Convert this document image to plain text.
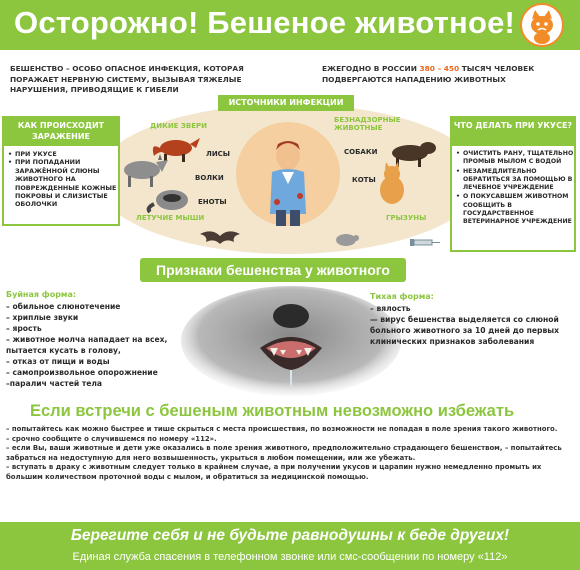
Осторожно! Бешеное животное!
БЕШЕНСТВО – ОСОБО ОПАСНОЕ ИНФЕКЦИЯ, КОТОРАЯ ПОРАЖАЕТ НЕРВНУЮ СИСТЕМУ, ВЫЗЫВАЯ ТЯЖЕЛЫЕ НАРУШЕНИЯ, ПРИВОДЯЩИЕ К ГИБЕЛИ
ЕЖЕГОДНО В РОССИИ 380 – 450 ТЫСЯЧ ЧЕЛОВЕК ПОДВЕРГАЮТСЯ НАПАДЕНИЮ ЖИВОТНЫХ
ИСТОЧНИКИ ИНФЕКЦИИ
ДИКИЕ ЗВЕРИ
БЕЗНАДЗОРНЫЕ ЖИВОТНЫЕ
ЛИСЫ
ВОЛКИ
ЕНОТЫ
ЛЕТУЧИЕ МЫШИ
СОБАКИ
КОТЫ
ГРЫЗУНЫ
КАК ПРОИСХОДИТ ЗАРАЖЕНИЕ
• ПРИ УКУСЕ
• ПРИ ПОПАДАНИИ ЗАРАЖЁННОЙ СЛЮНЫ ЖИВОТНОГО НА ПОВРЕЖДЕННЫЕ КОЖНЫЕ ПОКРОВЫ И СЛИЗИСТЫЕ ОБОЛОЧКИ
ЧТО ДЕЛАТЬ ПРИ УКУСЕ?
• ОЧИСТИТЬ РАНУ, ТЩАТЕЛЬНО ПРОМЫВ МЫЛОМ С ВОДОЙ
• НЕЗАМЕДЛИТЕЛЬНО ОБРАТИТЬСЯ ЗА ПОМОЩЬЮ В ЛЕЧЕБНОЕ УЧРЕЖДЕНИЕ
• О ПОКУСАВШЕМ ЖИВОТНОМ СООБЩИТЬ В ГОСУДАРСТВЕННОЕ ВЕТЕРИНАРНОЕ УЧРЕЖДЕНИЕ
Признаки бешенства у животного
Буйная форма:
– обильное слюнотечение
– хриплые звуки
– ярость
– животное молча нападает на всех, пытается кусать в голову,
– отказ от пищи и воды
– самопроизвольное опорожнение
–паралич частей тела
Тихая форма:
– вялость
— вирус бешенства выделяется со слюной больного животного за 10 дней до первых клинических признаков заболевания
Если встречи с бешеным животным невозможно избежать
– попытайтесь как можно быстрее и тише скрыться с места происшествия, по возможности не попадая в поле зрения такого животного.
– срочно сообщите о случившемся по номеру «112».
– если Вы, ваши животные и дети уже оказались в поле зрения животного, предположительно страдающего бешенством, – попытайтесь забраться на недоступную для него возвышенность, укрыться в любом помещении, или же убежать.
– вступать в драку с животным следует только в крайнем случае, а при получении укусов и царапин нужно немедленно промыть их большим количеством проточной воды с мылом, и обратиться за медицинской помощью.
Берегите себя и не будьте равнодушны к беде других!
Единая служба спасения в телефонном звонке или смс-сообщении по номеру «112»
